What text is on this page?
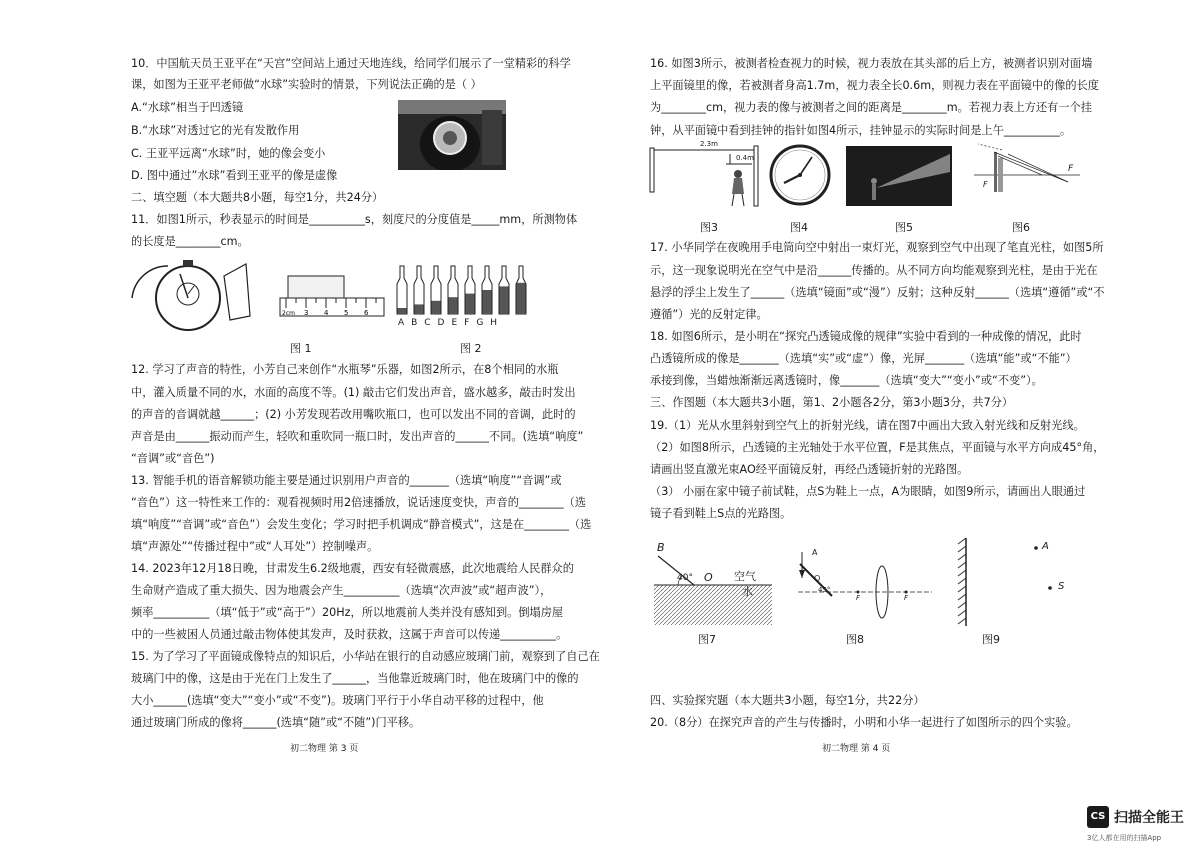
10．中国航天员王亚平在“天宫”空间站上通过天地连线，给同学们展示了一堂精彩的科学
课，如图为王亚平老师做“水球”实验时的情景，下列说法正确的是（ ）
A.“水球”相当于凹透镜
B.“水球”对透过它的光有发散作用
C. 王亚平远离“水球”时，她的像会变小
D. 图中通过”水球”看到王亚平的像是虚像
二、填空题（本大题共8小题，每空1分，共24分）
11．如图1所示，秒表显示的时间是__________s，刻度尺的分度值是_____mm，所测物体
的长度是________cm。
2cm 3 4 5 6
ABCDEFGH
图 1	图 2
12. 学习了声音的特性，小芳自己来创作“水瓶琴”乐器，如图2所示，在8个相同的水瓶
中，灌入质量不同的水，水面的高度不等。(1) 敲击它们发出声音，盛水越多，敲击时发出
的声音的音调就越______；(2) 小芳发现若改用嘴吹瓶口，也可以发出不同的音调，此时的
声音是由______振动而产生，轻吹和重吹同一瓶口时，发出声音的______不同。(选填“响度”
“音调”或“音色”)
13. 智能手机的语音解锁功能主要是通过识别用户声音的_______（选填“响度”“音调”或
“音色”）这一特性来工作的：观看视频时用2倍速播放，说话速度变快，声音的________（选
填“响度”“音调”或“音色”）会发生变化；学习时把手机调成“静音模式”，这是在________（选
填“声源处”“传播过程中”或“人耳处”）控制噪声。
14. 2023年12月18日晚，甘肃发生6.2级地震，西安有轻微震感，此次地震给人民群众的
生命财产造成了重大损失、因为地震会产生__________（选填“次声波”或“超声波”），
频率__________（填“低于”或“高于”）20Hz，所以地震前人类并没有感知到。倒塌房屋
中的一些被困人员通过敲击物体使其发声，及时获救，这属于声音可以传递__________。
15. 为了学习了平面镜成像特点的知识后，小华站在银行的自动感应玻璃门前，观察到了自己在
玻璃门中的像，这是由于光在门上发生了______，当他靠近玻璃门时，他在玻璃门中的像的
大小______(选填“变大”“变小”或“不变”)。玻璃门平行于小华自动平移的过程中，他
通过玻璃门所成的像将______(选填“随”或“不随”)门平移。
初二物理 第 3 页
16. 如图3所示，被测者检查视力的时候，视力表放在其头部的后上方，被测者识别对面墙
上平面镜里的像，若被测者身高1.7m，视力表全长0.6m，则视力表在平面镜中的像的长度
为________cm，视力表的像与被测者之间的距离是________m。若视力表上方还有一个挂
钟，从平面镜中看到挂钟的指针如图4所示，挂钟显示的实际时间是上午__________。
2.3m
0.4m
F
F
图3	图4	图5	图6
17. 小华同学在夜晚用手电筒向空中射出一束灯光，观察到空气中出现了笔直光柱，如图5所
示，这一现象说明光在空气中是沿______传播的。从不同方向均能观察到光柱，是由于光在
悬浮的浮尘上发生了______（选填“镜面”或“漫”）反射；这种反射______（选填“遵循”或“不
遵循”）光的反射定律。
18. 如图6所示，是小明在“探究凸透镜成像的规律”实验中看到的一种成像的情况，此时
凸透镜所成的像是_______（选填“实”或“虚”）像，光屏_______（选填“能”或“不能”）
承接到像，当蜡烛渐渐远离透镜时，像_______（选填“变大”“变小”或“不变”）。
三、作图题（本大题共3小题，第1、2小题各2分，第3小题3分，共7分）
19.（1）光从水里斜射到空气上的折射光线，请在图7中画出大致入射光线和反射光线。
（2）如图8所示，凸透镜的主光轴处于水平位置，F是其焦点，平面镜与水平方向成45°角，
请画出竖直激光束AO经平面镜反射，再经凸透镜折射的光路图。
（3） 小丽在家中镜子前试鞋，点S为鞋上一点，A为眼睛，如图9所示，请画出人眼通过
镜子看到鞋上S点的光路图。
B
40° O 空气
水
A
O
45°
F	F
A
S
图7	图8	图9
四、实验探究题（本大题共3小题，每空1分，共22分）
20.（8分）在探究声音的产生与传播时，小明和小华一起进行了如图所示的四个实验。
初二物理 第 4 页
CS 扫描全能王
3亿人都在用的扫描App
